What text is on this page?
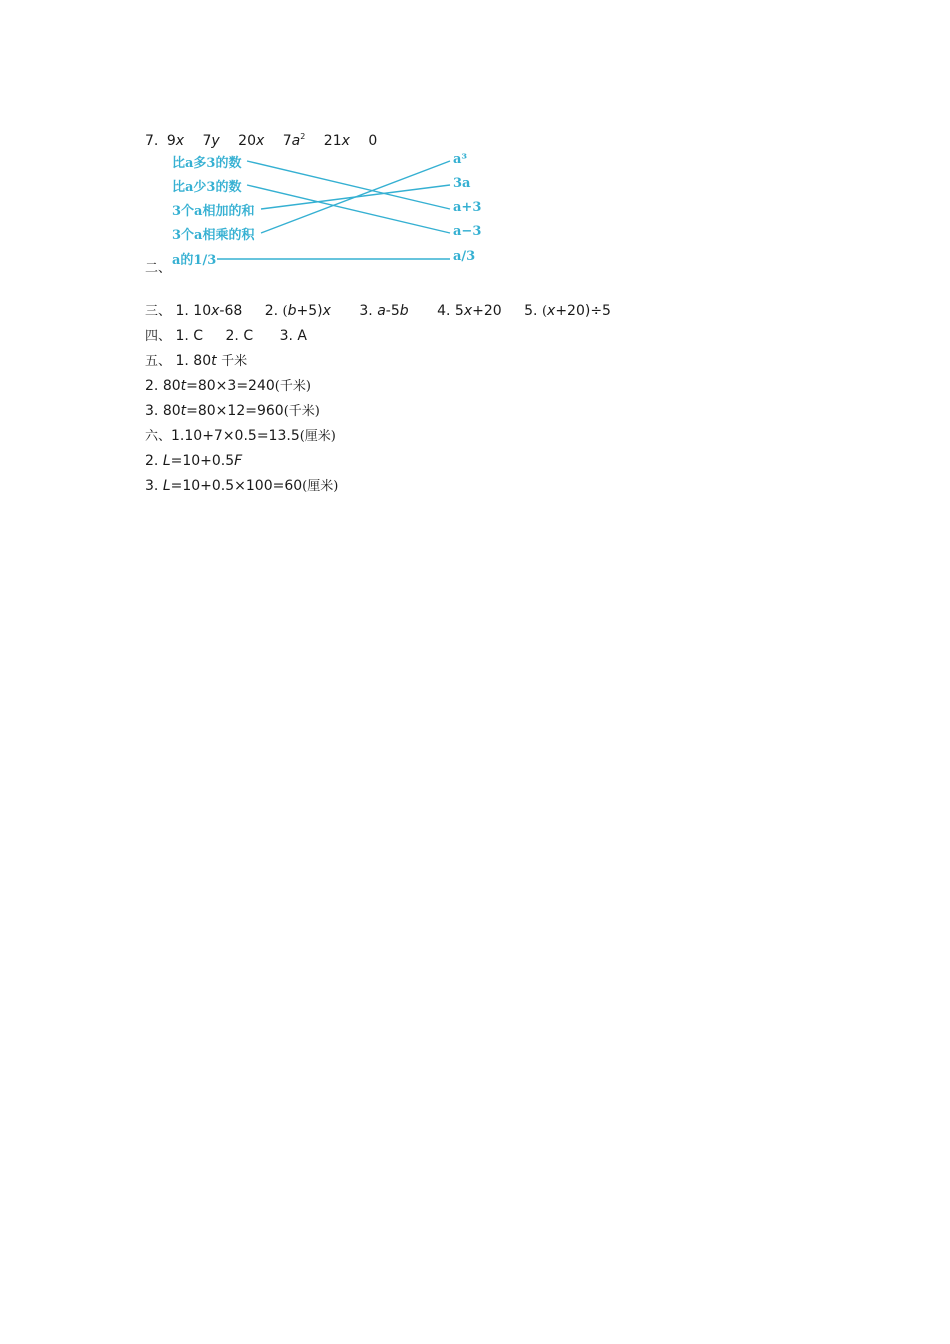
7. 9x 7y 20x $7a^2$ 21x 0
二、
比a多3的数
比a少3的数
3个a相加的和
3个a相乘的积
a的1/3
a³
3a
a+3
a−3
a/3
三、 1. 10x-68 2. (b+5)x 3. a-5b 4. 5x+20 5. (x+20)÷5
四、 1. C 2. C 3. A
五、 1. 80t 千米
2. 80t=80×3=240(千米)
3. 80t=80×12=960(千米)
六、1.10+7×0.5=13.5(厘米)
2. L=10+0.5F
3. L=10+0.5×100=60(厘米)
